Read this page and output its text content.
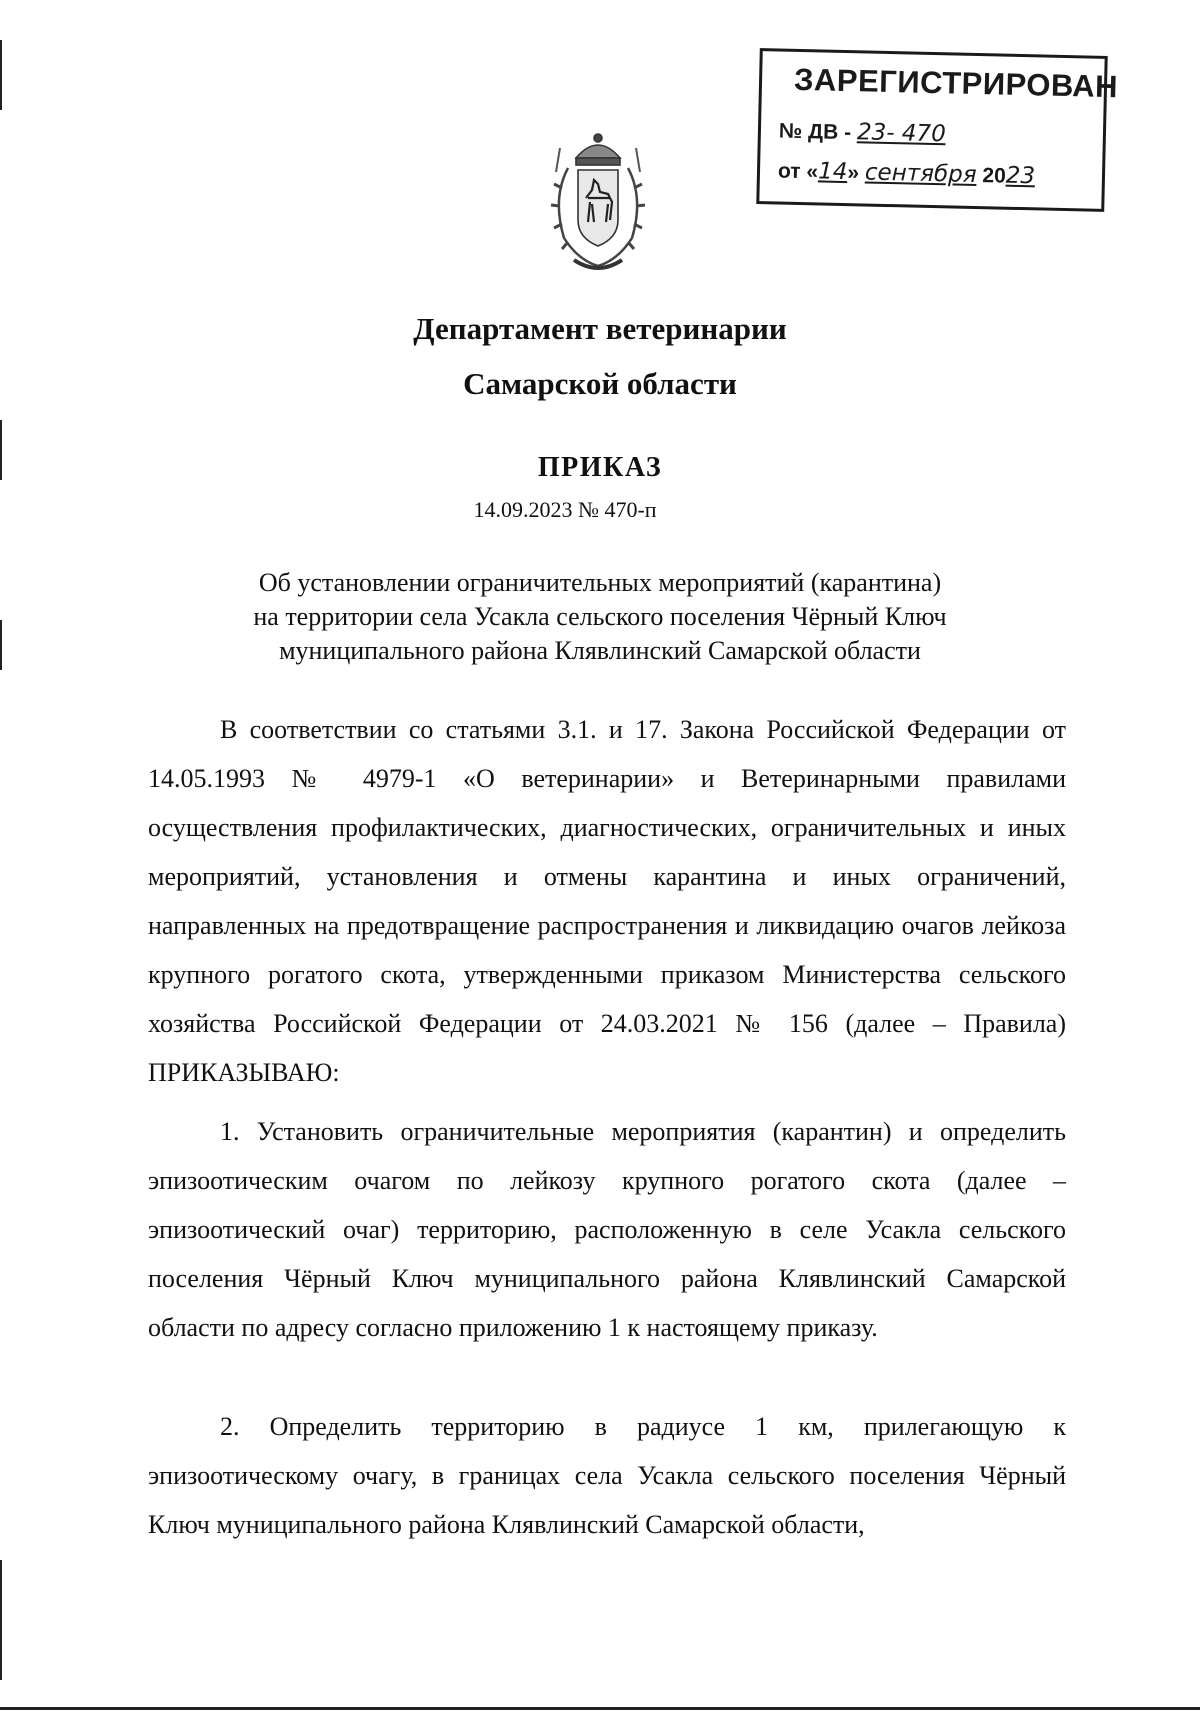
ЗАРЕГИСТРИРОВАН
№ ДВ - 23- 470
от «14» сентября 2023
Департамент ветеринарии
Самарской области
ПРИКАЗ
14.09.2023 № 470-п
Об установлении ограничительных мероприятий (карантина)
на территории села Усакла сельского поселения Чёрный Ключ
муниципального района Клявлинский Самарской области

В соответствии со статьями 3.1. и 17. Закона Российской Федерации от 14.05.1993 № 4979-1 «О ветеринарии» и Ветеринарными правилами осуществления профилактических, диагностических, ограничительных и иных мероприятий, установления и отмены карантина и иных ограничений, направленных на предотвращение распространения и ликвидацию очагов лейкоза крупного рогатого скота, утвержденными приказом Министерства сельского хозяйства Российской Федерации от 24.03.2021 № 156 (далее – Правила) ПРИКАЗЫВАЮ:

1. Установить ограничительные мероприятия (карантин) и определить эпизоотическим очагом по лейкозу крупного рогатого скота (далее – эпизоотический очаг) территорию, расположенную в селе Усакла сельского поселения Чёрный Ключ муниципального района Клявлинский Самарской области по адресу согласно приложению 1 к настоящему приказу.

2. Определить территорию в радиусе 1 км, прилегающую к эпизоотическому очагу, в границах села Усакла сельского поселения Чёрный Ключ муниципального района Клявлинский Самарской области,
